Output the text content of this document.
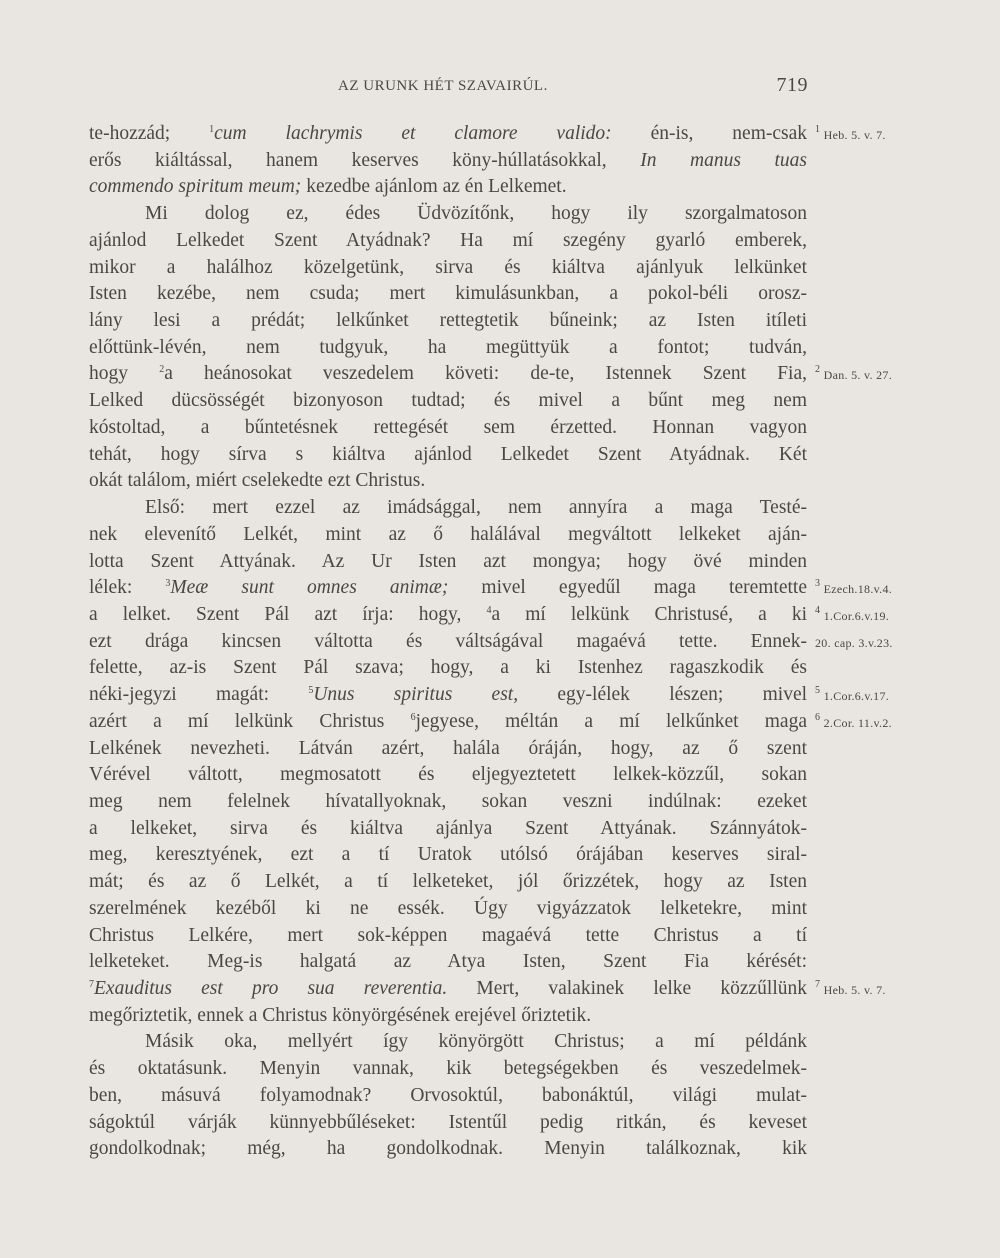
AZ URUNK HÉT SZAVAIRÚL.	719
te-hozzád; $^1$cum lachrymis et clamore valido: én-is, nem-csak
erős kiáltással, hanem keserves köny-húllatásokkal, In manus tuas
commendo spiritum meum; kezedbe ajánlom az én Lelkemet.
Mi dolog ez, édes Üdvözítőnk, hogy ily szorgalmatoson
ajánlod Lelkedet Szent Atyádnak? Ha mí szegény gyarló emberek,
mikor a halálhoz közelgetünk, sirva és kiáltva ajánlyuk lelkünket
Isten kezébe, nem csuda; mert kimulásunkban, a pokol-béli orosz-
lány lesi a prédát; lelkűnket rettegtetik bűneink; az Isten itíleti
előttünk-lévén, nem tudgyuk, ha megüttyük a fontot; tudván,
hogy $^2$a heánosokat veszedelem követi: de-te, Istennek Szent Fia,
Lelked dücsösségét bizonyoson tudtad; és mivel a bűnt meg nem
kóstoltad, a bűntetésnek rettegését sem érzetted. Honnan vagyon
tehát, hogy sírva s kiáltva ajánlod Lelkedet Szent Atyádnak. Két
okát találom, miért cselekedte ezt Christus.
Első: mert ezzel az imádsággal, nem annyíra a maga Testé-
nek elevenítő Lelkét, mint az ő halálával megváltott lelkeket aján-
lotta Szent Attyának. Az Ur Isten azt mongya; hogy övé minden
lélek: $^3$Meæ sunt omnes animæ; mivel egyedűl maga teremtette
a lelket. Szent Pál azt írja: hogy, $^4$a mí lelkünk Christusé, a ki
ezt drága kincsen váltotta és váltságával magaévá tette. Ennek-
felette, az-is Szent Pál szava; hogy, a ki Istenhez ragaszkodik és
néki-jegyzi magát: $^5$Unus spiritus est, egy-lélek lészen; mivel
azért a mí lelkünk Christus $^6$jegyese, méltán a mí lelkűnket maga
Lelkének nevezheti. Látván azért, halála óráján, hogy, az ő szent
Vérével váltott, megmosatott és eljegyeztetett lelkek-közzűl, sokan
meg nem felelnek hívatallyoknak, sokan veszni indúlnak: ezeket
a lelkeket, sirva és kiáltva ajánlya Szent Attyának. Szánnyátok-
meg, keresztyének, ezt a tí Uratok utólsó órájában keserves siral-
mát; és az ő Lelkét, a tí lelketeket, jól őrizzétek, hogy az Isten
szerelmének kezéből ki ne essék. Úgy vigyázzatok lelketekre, mint
Christus Lelkére, mert sok-képpen magaévá tette Christus a tí
lelketeket. Meg-is halgatá az Atya Isten, Szent Fia kérését:
$^7$Exauditus est pro sua reverentia. Mert, valakinek lelke közzűllünk
megőriztetik, ennek a Christus könyörgésének erejével őriztetik.
Másik oka, mellyért így könyörgött Christus; a mí példánk
és oktatásunk. Menyin vannak, kik betegségekben és veszedelmek-
ben, másuvá folyamodnak? Orvosoktúl, babonáktúl, világi mulat-
ságoktúl várják künnyebbűléseket: Istentűl pedig ritkán, és keveset
gondolkodnak; még, ha gondolkodnak. Menyin találkoznak, kik
$^1$ Heb. 5. v. 7.
$^2$ Dan. 5. v. 27.
$^3$ Ezech.18.v.4.
$^4$ 1.Cor.6.v.19.
20. cap. 3.v.23.
$^5$ 1.Cor.6.v.17.
$^6$ 2.Cor. 11.v.2.
$^7$ Heb. 5. v. 7.
